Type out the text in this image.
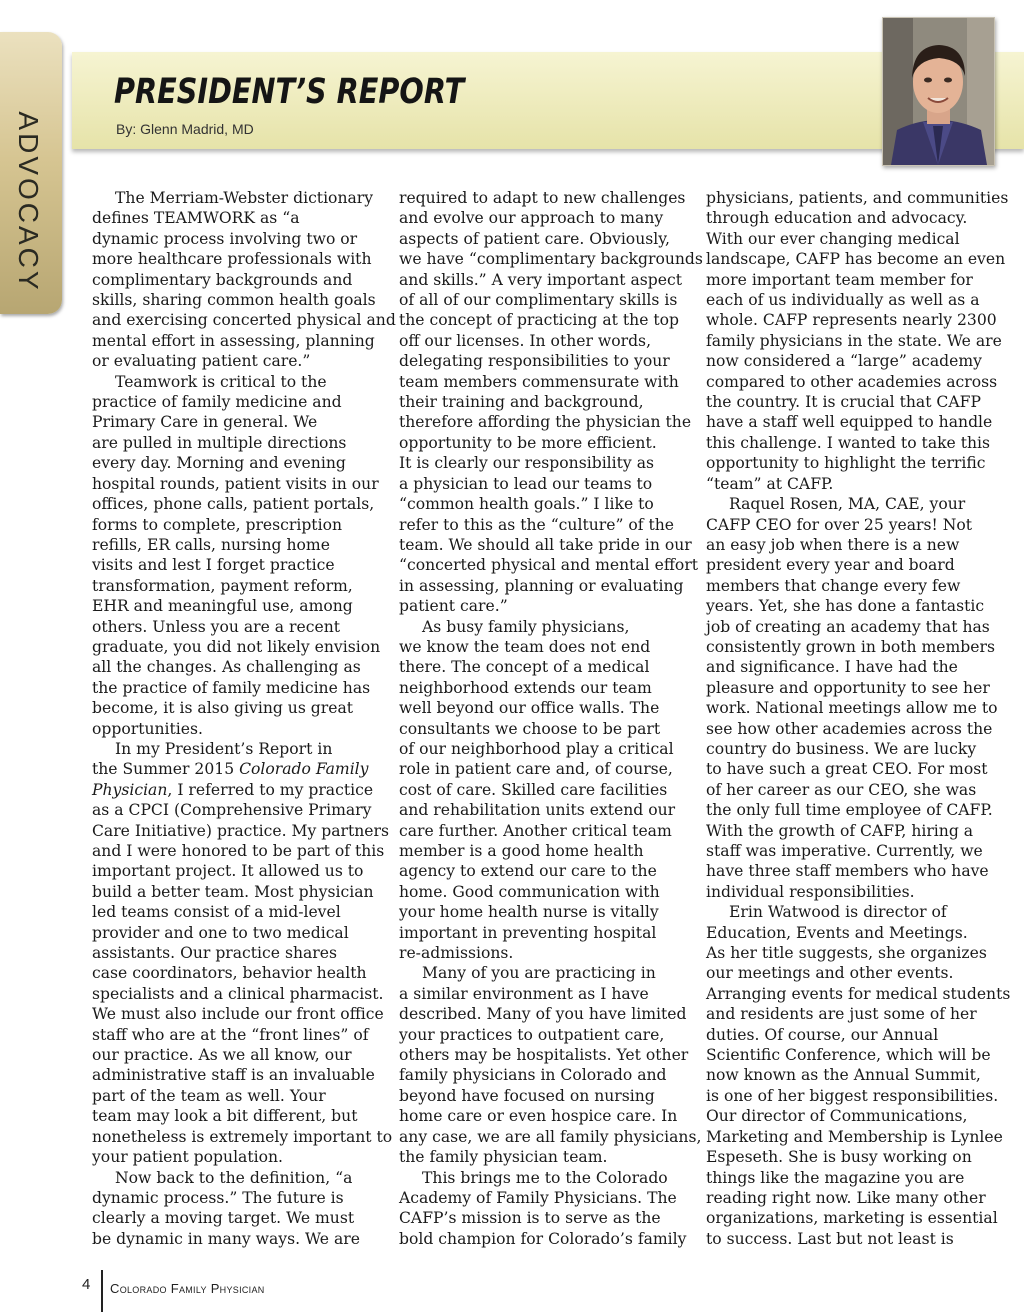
ADVOCACY
PRESIDENT’S REPORT
By: Glenn Madrid, MD
The Merriam-Webster dictionary
defines TEAMWORK as “a
dynamic process involving two or
more healthcare professionals with
complimentary backgrounds and
skills, sharing common health goals
and exercising concerted physical and
mental effort in assessing, planning
or evaluating patient care.”
Teamwork is critical to the
practice of family medicine and
Primary Care in general. We
are pulled in multiple directions
every day. Morning and evening
hospital rounds, patient visits in our
offices, phone calls, patient portals,
forms to complete, prescription
refills, ER calls, nursing home
visits and lest I forget practice
transformation, payment reform,
EHR and meaningful use, among
others. Unless you are a recent
graduate, you did not likely envision
all the changes. As challenging as
the practice of family medicine has
become, it is also giving us great
opportunities.
In my President’s Report in
the Summer 2015 Colorado Family
Physician, I referred to my practice
as a CPCI (Comprehensive Primary
Care Initiative) practice. My partners
and I were honored to be part of this
important project. It allowed us to
build a better team. Most physician
led teams consist of a mid-level
provider and one to two medical
assistants. Our practice shares
case coordinators, behavior health
specialists and a clinical pharmacist.
We must also include our front office
staff who are at the “front lines” of
our practice. As we all know, our
administrative staff is an invaluable
part of the team as well. Your
team may look a bit different, but
nonetheless is extremely important to
your patient population.
Now back to the definition, “a
dynamic process.” The future is
clearly a moving target. We must
be dynamic in many ways. We are
required to adapt to new challenges
and evolve our approach to many
aspects of patient care. Obviously,
we have “complimentary backgrounds
and skills.” A very important aspect
of all of our complimentary skills is
the concept of practicing at the top
off our licenses. In other words,
delegating responsibilities to your
team members commensurate with
their training and background,
therefore affording the physician the
opportunity to be more efficient.
It is clearly our responsibility as
a physician to lead our teams to
“common health goals.” I like to
refer to this as the “culture” of the
team. We should all take pride in our
“concerted physical and mental effort
in assessing, planning or evaluating
patient care.”
As busy family physicians,
we know the team does not end
there. The concept of a medical
neighborhood extends our team
well beyond our office walls. The
consultants we choose to be part
of our neighborhood play a critical
role in patient care and, of course,
cost of care. Skilled care facilities
and rehabilitation units extend our
care further. Another critical team
member is a good home health
agency to extend our care to the
home. Good communication with
your home health nurse is vitally
important in preventing hospital
re-admissions.
Many of you are practicing in
a similar environment as I have
described. Many of you have limited
your practices to outpatient care,
others may be hospitalists. Yet other
family physicians in Colorado and
beyond have focused on nursing
home care or even hospice care. In
any case, we are all family physicians,
the family physician team.
This brings me to the Colorado
Academy of Family Physicians. The
CAFP’s mission is to serve as the
bold champion for Colorado’s family
physicians, patients, and communities
through education and advocacy.
With our ever changing medical
landscape, CAFP has become an even
more important team member for
each of us individually as well as a
whole. CAFP represents nearly 2300
family physicians in the state. We are
now considered a “large” academy
compared to other academies across
the country. It is crucial that CAFP
have a staff well equipped to handle
this challenge. I wanted to take this
opportunity to highlight the terrific
“team” at CAFP.
Raquel Rosen, MA, CAE, your
CAFP CEO for over 25 years! Not
an easy job when there is a new
president every year and board
members that change every few
years. Yet, she has done a fantastic
job of creating an academy that has
consistently grown in both members
and significance. I have had the
pleasure and opportunity to see her
work. National meetings allow me to
see how other academies across the
country do business. We are lucky
to have such a great CEO. For most
of her career as our CEO, she was
the only full time employee of CAFP.
With the growth of CAFP, hiring a
staff was imperative. Currently, we
have three staff members who have
individual responsibilities.
Erin Watwood is director of
Education, Events and Meetings.
As her title suggests, she organizes
our meetings and other events.
Arranging events for medical students
and residents are just some of her
duties. Of course, our Annual
Scientific Conference, which will be
now known as the Annual Summit,
is one of her biggest responsibilities.
Our director of Communications,
Marketing and Membership is Lynlee
Espeseth. She is busy working on
things like the magazine you are
reading right now. Like many other
organizations, marketing is essential
to success. Last but not least is
4 Colorado Family Physician
